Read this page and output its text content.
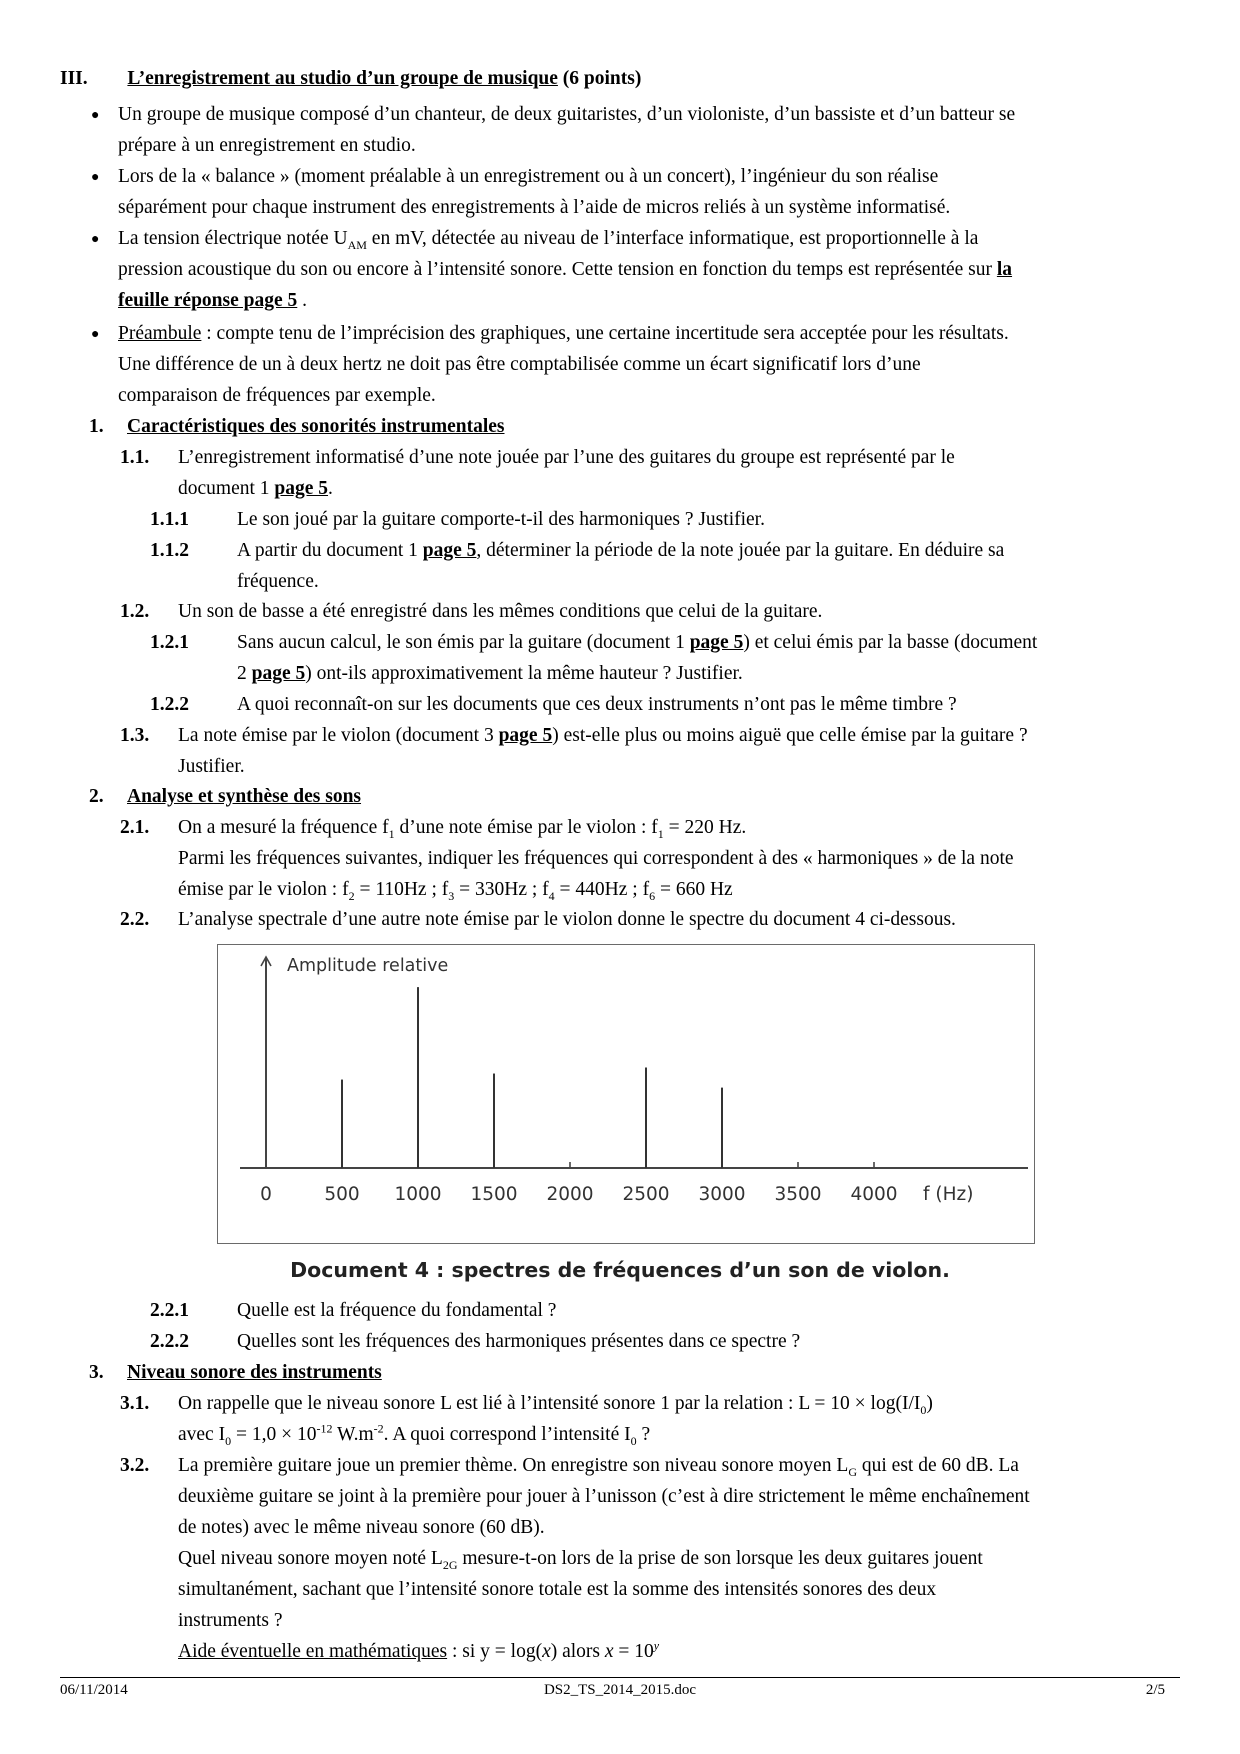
III. L’enregistrement au studio d’un groupe de musique (6 points)
● Un groupe de musique composé d’un chanteur, de deux guitaristes, d’un violoniste, d’un bassiste et d’un batteur se
prépare à un enregistrement en studio.
● Lors de la « balance » (moment préalable à un enregistrement ou à un concert), l’ingénieur du son réalise
séparément pour chaque instrument des enregistrements à l’aide de micros reliés à un système informatisé.
● La tension électrique notée $U_{AM}$ en mV, détectée au niveau de l’interface informatique, est proportionnelle à la
pression acoustique du son ou encore à l’intensité sonore. Cette tension en fonction du temps est représentée sur la
feuille réponse page 5 .
● Préambule : compte tenu de l’imprécision des graphiques, une certaine incertitude sera acceptée pour les résultats.
Une différence de un à deux hertz ne doit pas être comptabilisée comme un écart significatif lors d’une
comparaison de fréquences par exemple.
1. Caractéristiques des sonorités instrumentales
1.1. L’enregistrement informatisé d’une note jouée par l’une des guitares du groupe est représenté par le
document 1 page 5.
1.1.1 Le son joué par la guitare comporte-t-il des harmoniques ? Justifier.
1.1.2 A partir du document 1 page 5, déterminer la période de la note jouée par la guitare. En déduire sa
fréquence.
1.2. Un son de basse a été enregistré dans les mêmes conditions que celui de la guitare.
1.2.1 Sans aucun calcul, le son émis par la guitare (document 1 page 5) et celui émis par la basse (document
2 page 5) ont-ils approximativement la même hauteur ? Justifier.
1.2.2 A quoi reconnaît-on sur les documents que ces deux instruments n’ont pas le même timbre ?
1.3. La note émise par le violon (document 3 page 5) est-elle plus ou moins aiguë que celle émise par la guitare ?
Justifier.
2. Analyse et synthèse des sons
2.1. On a mesuré la fréquence $f_1$ d’une note émise par le violon : $f_1 = 220$ Hz.
Parmi les fréquences suivantes, indiquer les fréquences qui correspondent à des « harmoniques » de la note
émise par le violon : $f_2 = 110Hz$ ; $f_3 = 330Hz$ ; $f_4 = 440Hz$ ; $f_6 = 660$ Hz
2.2. L’analyse spectrale d’une autre note émise par le violon donne le spectre du document 4 ci-dessous.
Amplitude relative
0	500 1000 1500 2000 2500 3000 3500 4000 f (Hz)
Document 4 : spectres de fréquences d’un son de violon.
2.2.1 Quelle est la fréquence du fondamental ?
2.2.2 Quelles sont les fréquences des harmoniques présentes dans ce spectre ?
3. Niveau sonore des instruments
3.1. On rappelle que le niveau sonore L est lié à l’intensité sonore 1 par la relation : $L = 10 \times \log(I/I_0)$
avec $I_0 = 1,0 \times 10^{-12}$ $W.m^{-2}$. A quoi correspond l’intensité $I_0$ ?
3.2. La première guitare joue un premier thème. On enregistre son niveau sonore moyen $L_G$ qui est de 60 dB. La
deuxième guitare se joint à la première pour jouer à l’unisson (c’est à dire strictement le même enchaînement
de notes) avec le même niveau sonore (60 dB).
Quel niveau sonore moyen noté $L_{2G}$ mesure-t-on lors de la prise de son lorsque les deux guitares jouent
simultanément, sachant que l’intensité sonore totale est la somme des intensités sonores des deux
instruments ?
Aide éventuelle en mathématiques : si y = log(x) alors $x = 10^y$
06/11/2014	DS2_TS_2014_2015.doc	2/5
